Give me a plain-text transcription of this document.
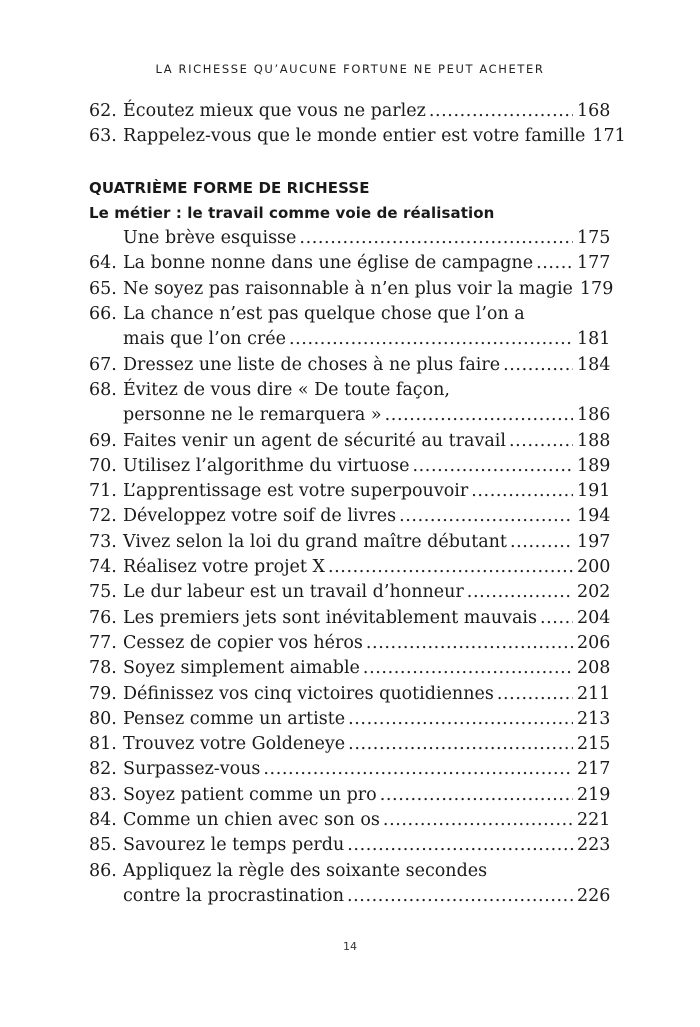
LA RICHESSE QU’AUCUNE FORTUNE NE PEUT ACHETER
62. Écoutez mieux que vous ne parlez .....	168
63. Rappelez-vous que le monde entier est votre famille 171
QUATRIÈME FORME DE RICHESSE
Le métier : le travail comme voie de réalisation
Une brève esquisse .....	175
64. La bonne nonne dans une église de campagne .....	177
65. Ne soyez pas raisonnable à n’en plus voir la magie 179
66. La chance n’est pas quelque chose que l’on a
mais que l’on crée .....	181
67. Dressez une liste de choses à ne plus faire .....	184
68. Évitez de vous dire « De toute façon,
personne ne le remarquera » .....	186
69. Faites venir un agent de sécurité au travail .....	188
70. Utilisez l’algorithme du virtuose .....	189
71. L’apprentissage est votre superpouvoir .....	191
72. Développez votre soif de livres .....	194
73. Vivez selon la loi du grand maître débutant .....	197
74. Réalisez votre projet X .....	200
75. Le dur labeur est un travail d’honneur .....	202
76. Les premiers jets sont inévitablement mauvais ..... 204
77. Cessez de copier vos héros .....	206
78. Soyez simplement aimable .....	208
79. Définissez vos cinq victoires quotidiennes .....	211
80. Pensez comme un artiste .....	213
81. Trouvez votre Goldeneye .....	215
82. Surpassez-vous .....	217
83. Soyez patient comme un pro .....	219
84. Comme un chien avec son os .....	221
85. Savourez le temps perdu .....	223
86. Appliquez la règle des soixante secondes
contre la procrastination .....	226
14
